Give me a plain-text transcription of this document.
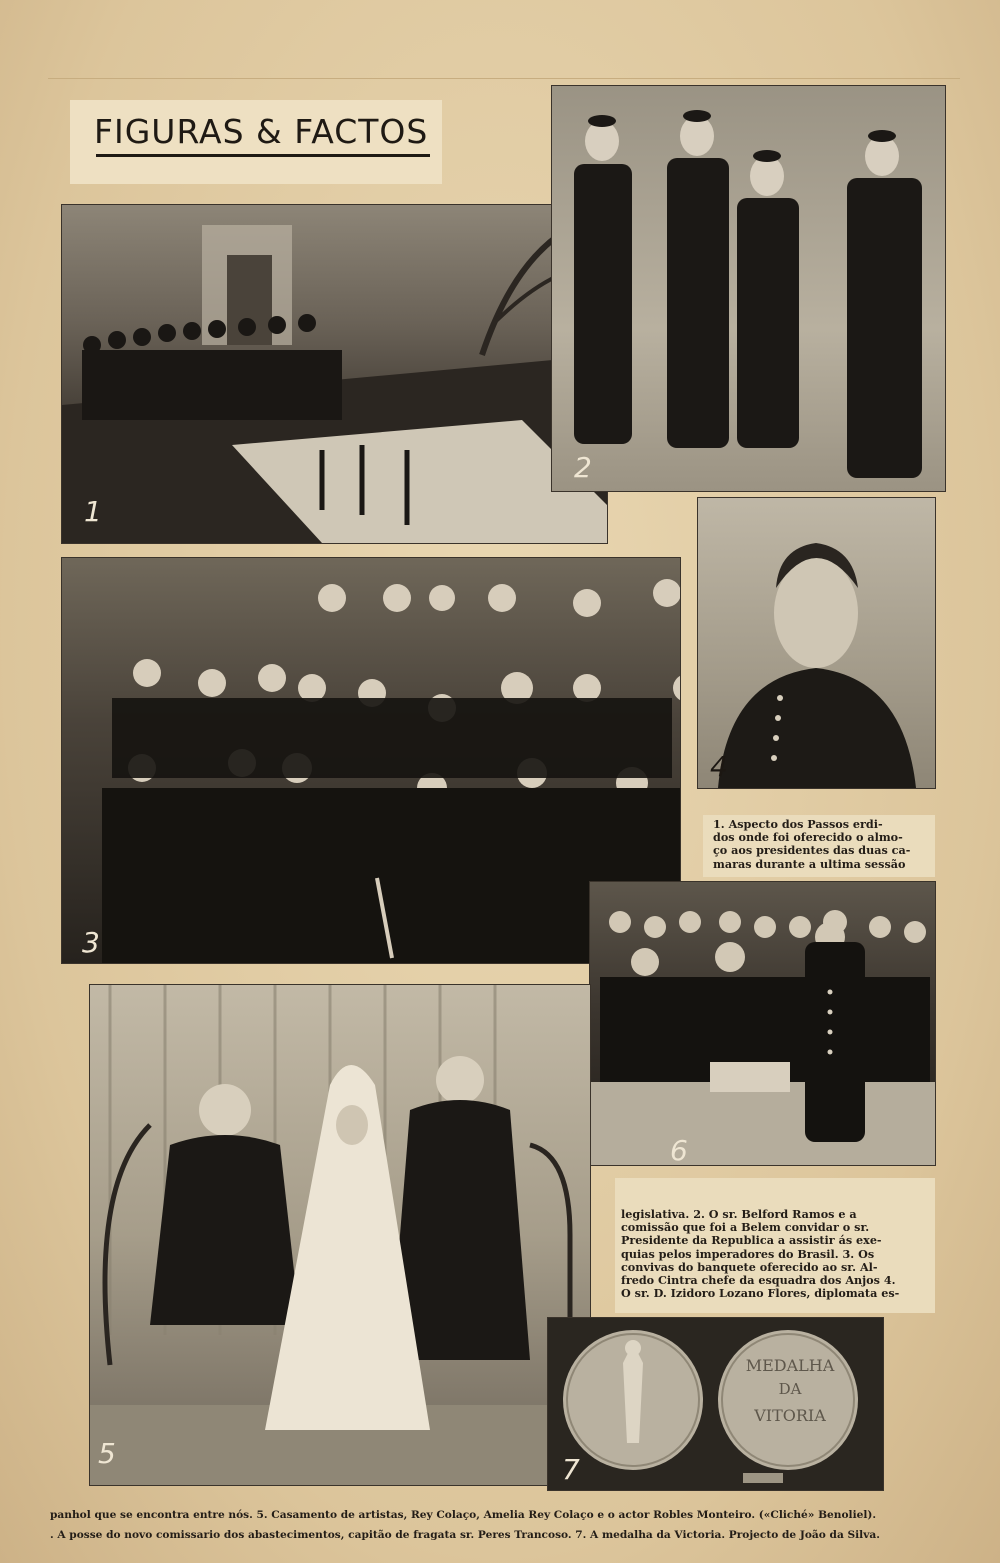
FIGURAS & FACTOS
1
2
3
4
1. Aspecto dos Passos erdi-
dos onde foi oferecido o almo-
ço aos presidentes das duas ca-
maras durante a ultima sessão
6
legislativa. 2. O sr. Belford Ramos e a
comissão que foi a Belem convidar o sr.
Presidente da Republica a assistir ás exe-
quias pelos imperadores do Brasil. 3. Os
convivas do banquete oferecido ao sr. Al-
fredo Cintra chefe da esquadra dos Anjos 4.
O sr. D. Izidoro Lozano Flores, diplomata es-
5
MEDALHA
DA
VITORIA
7
panhol que se encontra entre nós. 5. Casamento de artistas, Rey Colaço, Amelia Rey Colaço e o actor Robles Monteiro. («Cliché» Benoliel).
. A posse do novo comissario dos abastecimentos, capitão de fragata sr. Peres Trancoso. 7. A medalha da Victoria. Projecto de João da Silva.
